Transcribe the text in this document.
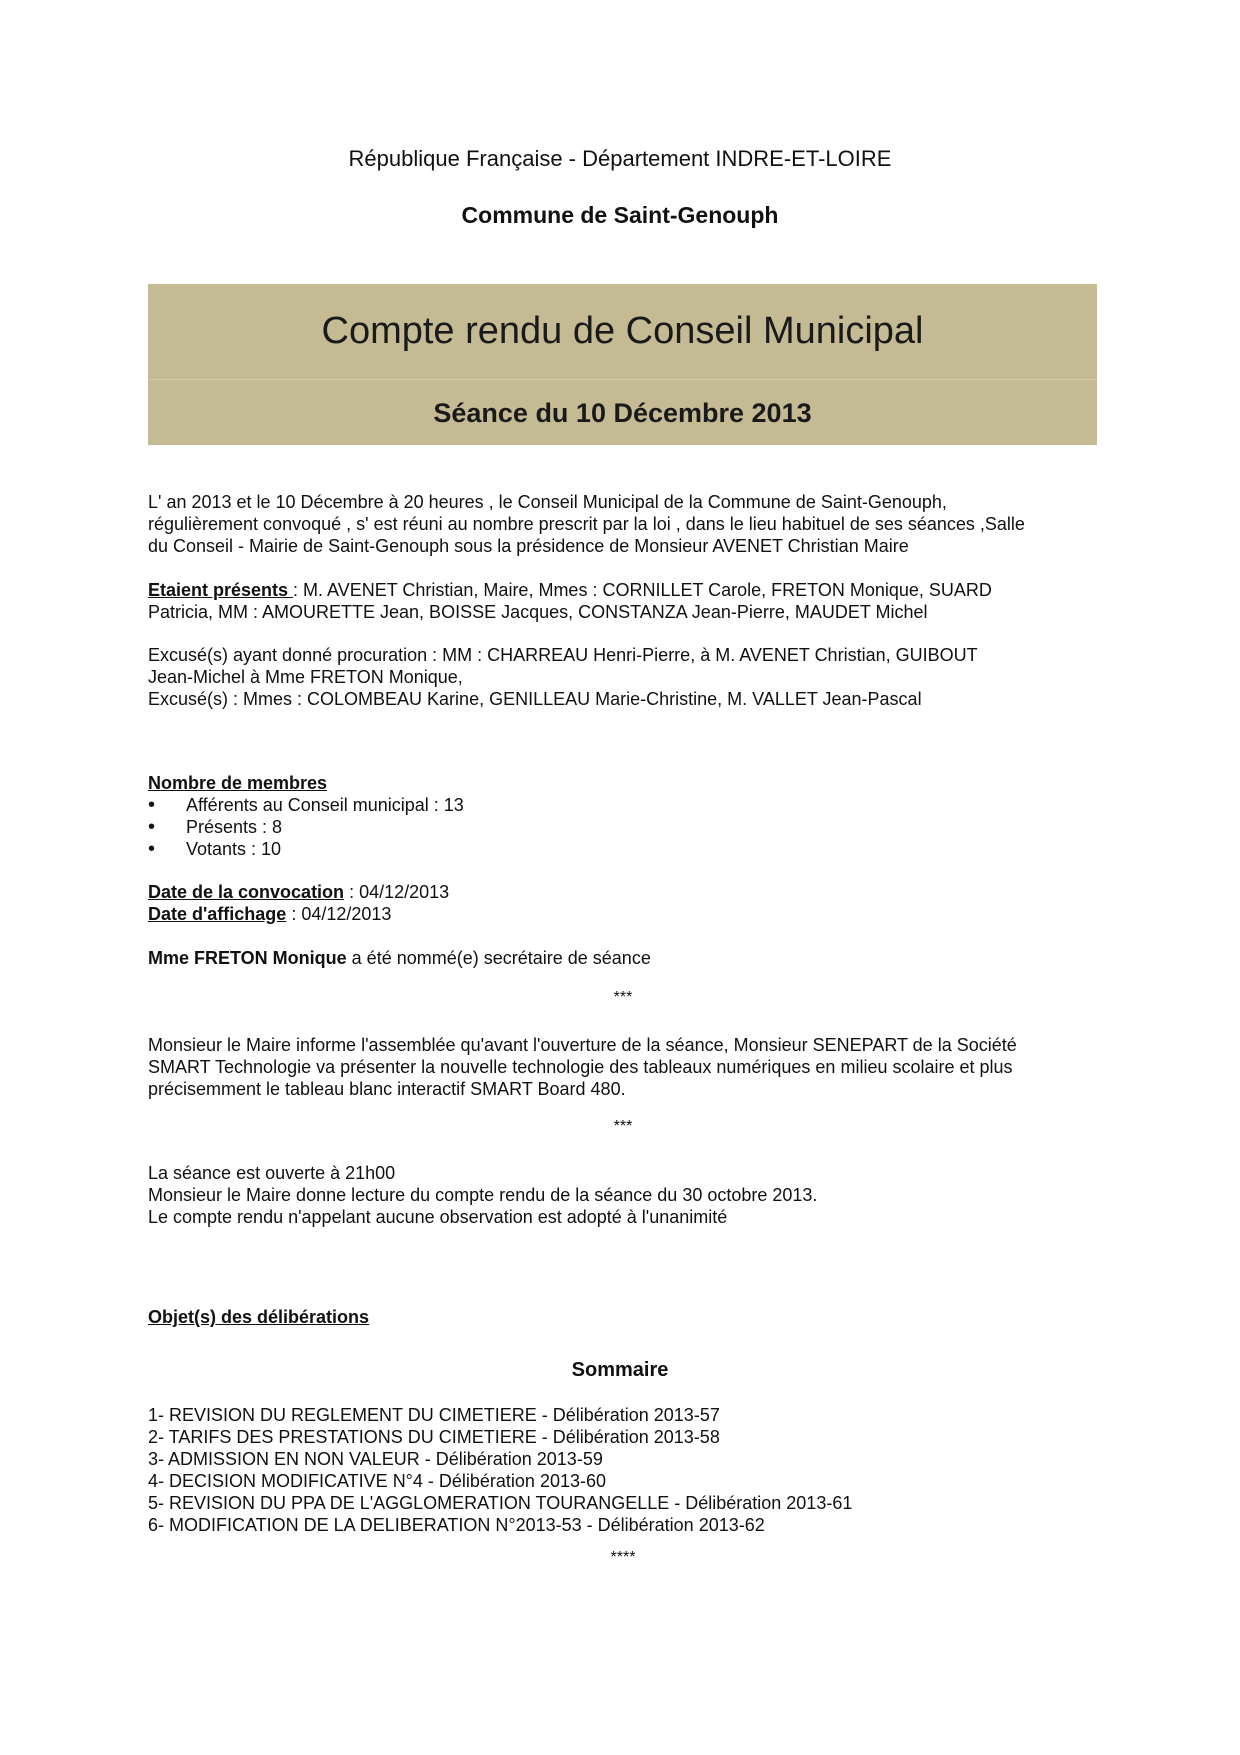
République Française - Département INDRE-ET-LOIRE
Commune de Saint-Genouph
Compte rendu de Conseil Municipal
Séance du 10 Décembre 2013

L' an 2013 et le 10 Décembre à 20 heures , le Conseil Municipal de la Commune de Saint-Genouph,

régulièrement convoqué , s' est réuni au nombre prescrit par la loi , dans le lieu habituel de ses séances ,Salle

du Conseil - Mairie de Saint-Genouph sous la présidence de Monsieur AVENET Christian Maire

Etaient présents : M. AVENET Christian, Maire, Mmes : CORNILLET Carole, FRETON Monique, SUARD

Patricia, MM : AMOURETTE Jean, BOISSE Jacques, CONSTANZA Jean-Pierre, MAUDET Michel

Excusé(s) ayant donné procuration : MM : CHARREAU Henri-Pierre, à M. AVENET Christian, GUIBOUT

Jean-Michel à Mme FRETON Monique,

Excusé(s) : Mmes : COLOMBEAU Karine, GENILLEAU Marie-Christine, M. VALLET Jean-Pascal

Nombre de membres

• Afférents au Conseil municipal : 13
• Présents : 8
• Votants : 10

Date de la convocation : 04/12/2013

Date d'affichage : 04/12/2013

Mme FRETON Monique a été nommé(e) secrétaire de séance

***

Monsieur le Maire informe l'assemblée qu'avant l'ouverture de la séance, Monsieur SENEPART de la Société

SMART Technologie va présenter la nouvelle technologie des tableaux numériques en milieu scolaire et plus

précisemment le tableau blanc interactif SMART Board 480.

***

La séance est ouverte à 21h00

Monsieur le Maire donne lecture du compte rendu de la séance du 30 octobre 2013.

Le compte rendu n'appelant aucune observation est adopté à l'unanimité

Objet(s) des délibérations

Sommaire

1- REVISION DU REGLEMENT DU CIMETIERE - Délibération 2013-57

2- TARIFS DES PRESTATIONS DU CIMETIERE - Délibération 2013-58

3- ADMISSION EN NON VALEUR - Délibération 2013-59

4- DECISION MODIFICATIVE N°4 - Délibération 2013-60

5- REVISION DU PPA DE L'AGGLOMERATION TOURANGELLE - Délibération 2013-61

6- MODIFICATION DE LA DELIBERATION N°2013-53 - Délibération 2013-62

****
